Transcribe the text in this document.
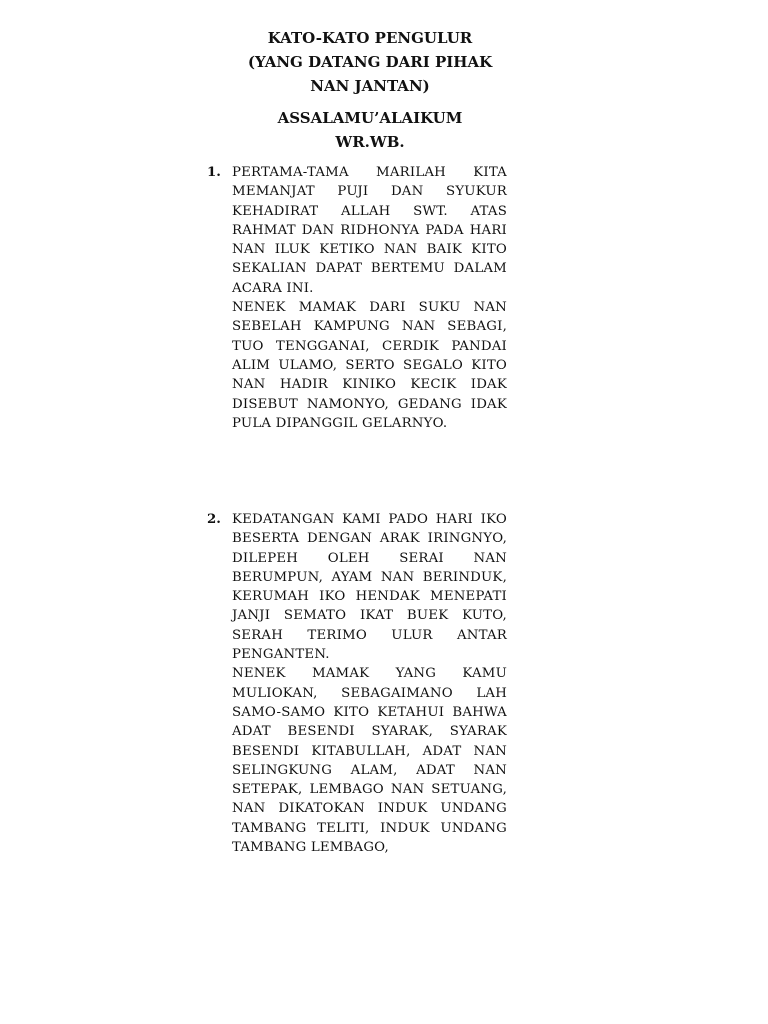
KATO-KATO PENGULUR
(YANG DATANG DARI PIHAK
NAN JANTAN)
ASSALAMU’ALAIKUM
WR.WB.
1. PERTAMA-TAMA MARILAH KITA MEMANJAT PUJI DAN SYUKUR KEHADIRAT ALLAH SWT. ATAS RAHMAT DAN RIDHONYA PADA HARI NAN ILUK KETIKO NAN BAIK KITO SEKALIAN DAPAT BERTEMU DALAM ACARA INI.

NENEK MAMAK DARI SUKU NAN SEBELAH KAMPUNG NAN SEBAGI, TUO TENGGANAI, CERDIK PANDAI ALIM ULAMO, SERTO SEGALO KITO NAN HADIR KINIKO KECIK IDAK DISEBUT NAMONYO, GEDANG IDAK PULA DIPANGGIL GELARNYO.

2. KEDATANGAN KAMI PADO HARI IKO BESERTA DENGAN ARAK IRINGNYO, DILEPEH OLEH SERAI NAN BERUMPUN, AYAM NAN BERINDUK, KERUMAH IKO HENDAK MENEPATI JANJI SEMATO IKAT BUEK KUTO, SERAH TERIMO ULUR ANTAR PENGANTEN.

NENEK MAMAK YANG KAMU MULIOKAN, SEBAGAIMANO LAH SAMO-SAMO KITO KETAHUI BAHWA ADAT BESENDI SYARAK, SYARAK BESENDI KITABULLAH, ADAT NAN SELINGKUNG ALAM, ADAT NAN SETEPAK, LEMBAGO NAN SETUANG, NAN DIKATOKAN INDUK UNDANG TAMBANG TELITI, INDUK UNDANG TAMBANG LEMBAGO,
